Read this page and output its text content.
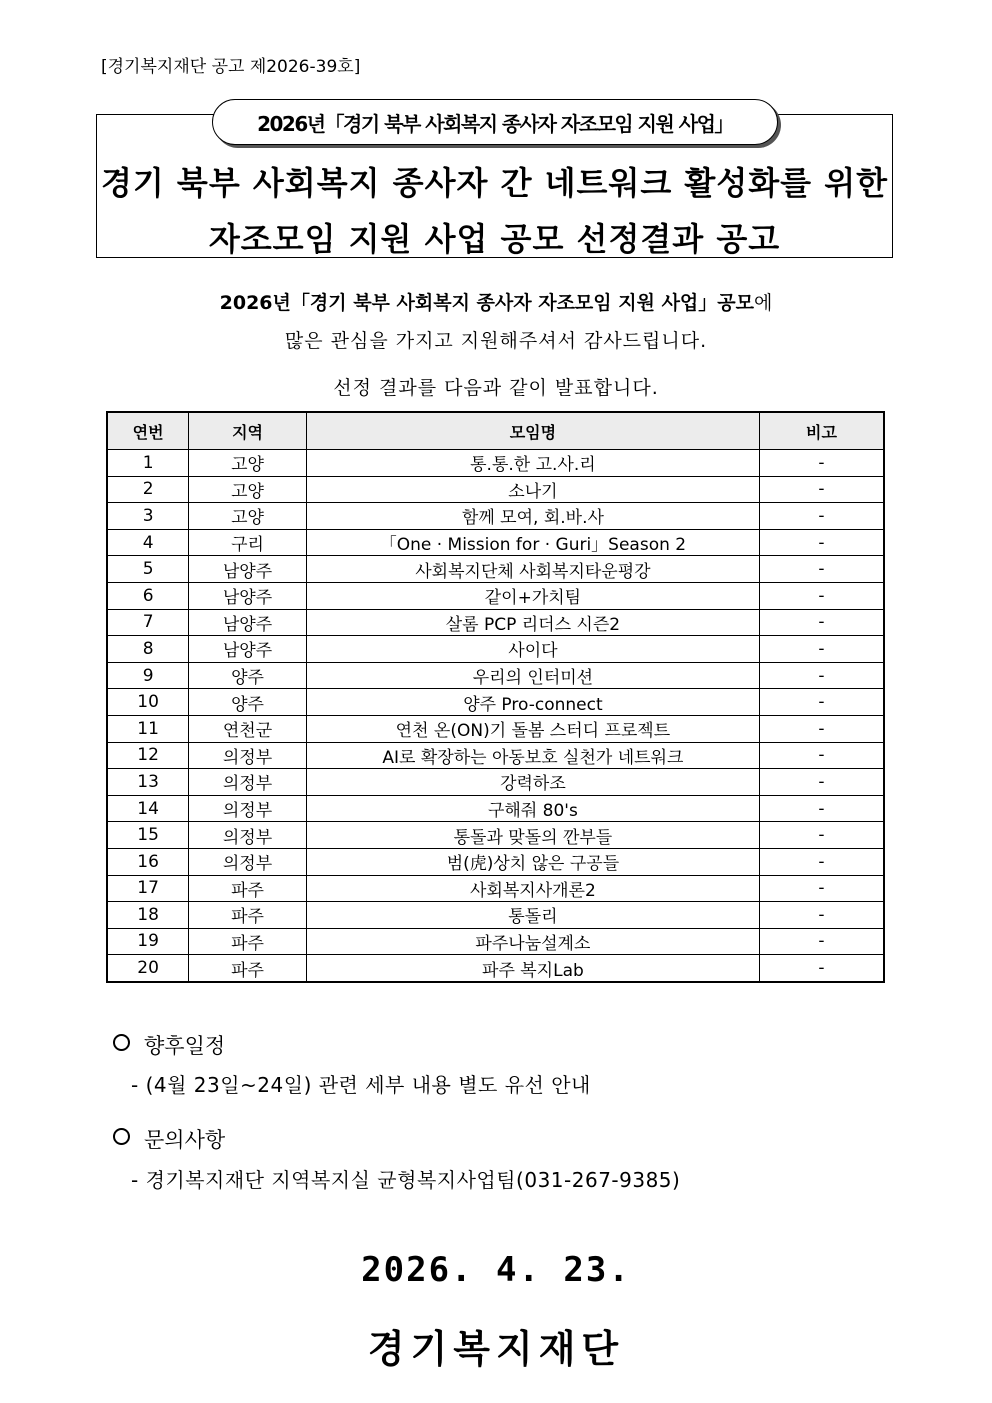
[경기복지재단 공고 제2026-39호]
2026년「경기 북부 사회복지 종사자 자조모임 지원 사업」
경기 북부 사회복지 종사자 간 네트워크 활성화를 위한
자조모임 지원 사업 공모 선정결과 공고
2026년「경기 북부 사회복지 종사자 자조모임 지원 사업」공모에
많은 관심을 가지고 지원해주셔서 감사드립니다.
선정 결과를 다음과 같이 발표합니다.
연번	지역	모임명	비고
1	고양	통.통.한 고.사.리	-
2	고양	소나기	-
3	고양	함께 모여, 회.바.사	-
4	구리	「One · Mission for · Guri」Season 2	-
5	남양주	사회복지단체 사회복지타운평강	-
6	남양주	같이+가치팀	-
7	남양주	살롬 PCP 리더스 시즌2	-
8	남양주	사이다	-
9	양주	우리의 인터미션	-
10	양주	양주 Pro-connect	-
11	연천군	연천 온(ON)기 돌봄 스터디 프로젝트	-
12	의정부	AI로 확장하는 아동보호 실천가 네트워크	-
13	의정부	강력하조	-
14	의정부	구해줘 80's	-
15	의정부	통돌과 맞돌의 깐부들	-
16	의정부	범(虎)상치 않은 구공들	-
17	파주	사회복지사개론2	-
18	파주	통돌리	-
19	파주	파주나눔설계소	-
20	파주	파주 복지Lab	-
향후일정
- (4월 23일~24일) 관련 세부 내용 별도 유선 안내
문의사항
- 경기복지재단 지역복지실 균형복지사업팀(031-267-9385)
2026. 4. 23.
경기복지재단
